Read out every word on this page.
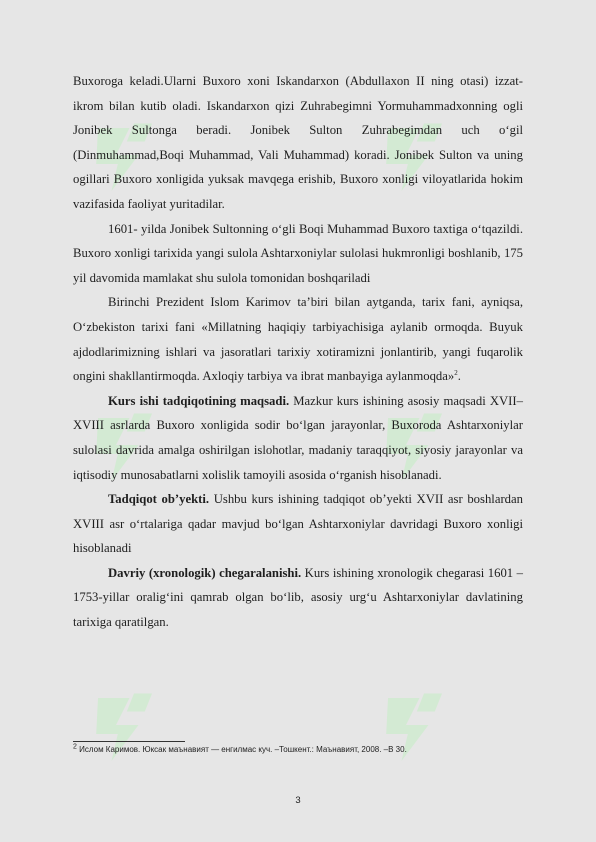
Buxoroga keladi.Ularni Buxoro xoni Iskandarxon (Abdullaxon II ning otasi) izzat-ikrom bilan kutib oladi. Iskandarxon qizi Zuhrabegimni Yormuhammadxonning ogli Jonibek Sultonga beradi. Jonibek Sulton Zuhrabegimdan uch o‘gil (Dinmuhammad,Boqi Muhammad, Vali Muhammad) koradi. Jonibek Sulton va uning ogillari Buxoro xonligida yuksak mavqega erishib, Buxoro xonligi viloyatlarida hokim vazifasida faoliyat yuritadilar.

1601- yilda Jonibek Sultonning o‘gli Boqi Muhammad Buxoro taxtiga o‘tqazildi. Buxoro xonligi tarixida yangi sulola Ashtarxoniylar sulolasi hukmronligi boshlanib, 175 yil davomida mamlakat shu sulola tomonidan boshqariladi

Birinchi Prezident Islom Karimov ta’biri bilan aytganda, tarix fani, ayniqsa, O‘zbekiston tarixi fani «Millatning haqiqiy tarbiyachisiga aylanib ormoqda. Buyuk ajdodlarimizning ishlari va jasoratlari tarixiy xotiramizni jonlantirib, yangi fuqarolik ongini shakllantirmoqda. Axloqiy tarbiya va ibrat manbayiga aylanmoqda»$^2$.

Kurs ishi tadqiqotining maqsadi. Mazkur kurs ishining asosiy maqsadi XVII–XVIII asrlarda Buxoro xonligida sodir bo‘lgan jarayonlar, Buxoroda Ashtarxoniylar sulolasi davrida amalga oshirilgan islohotlar, madaniy taraqqiyot, siyosiy jarayonlar va iqtisodiy munosabatlarni xolislik tamoyili asosida o‘rganish hisoblanadi.

Tadqiqot ob’yekti. Ushbu kurs ishining tadqiqot ob’yekti XVII asr boshlardan XVIII asr o‘rtalariga qadar mavjud bo‘lgan Ashtarxoniylar davridagi Buxoro xonligi hisoblanadi

Davriy (xronologik) chegaralanishi. Kurs ishining xronologik chegarasi 1601 – 1753-yillar oralig‘ini qamrab olgan bo‘lib, asosiy urg‘u Ashtarxoniylar davlatining tarixiga qaratilgan.

$^2$ Ислом Каримов. Юксак маънавият — енгилмас куч. –Тошкент.: Маънавият, 2008. –B 30.
3
